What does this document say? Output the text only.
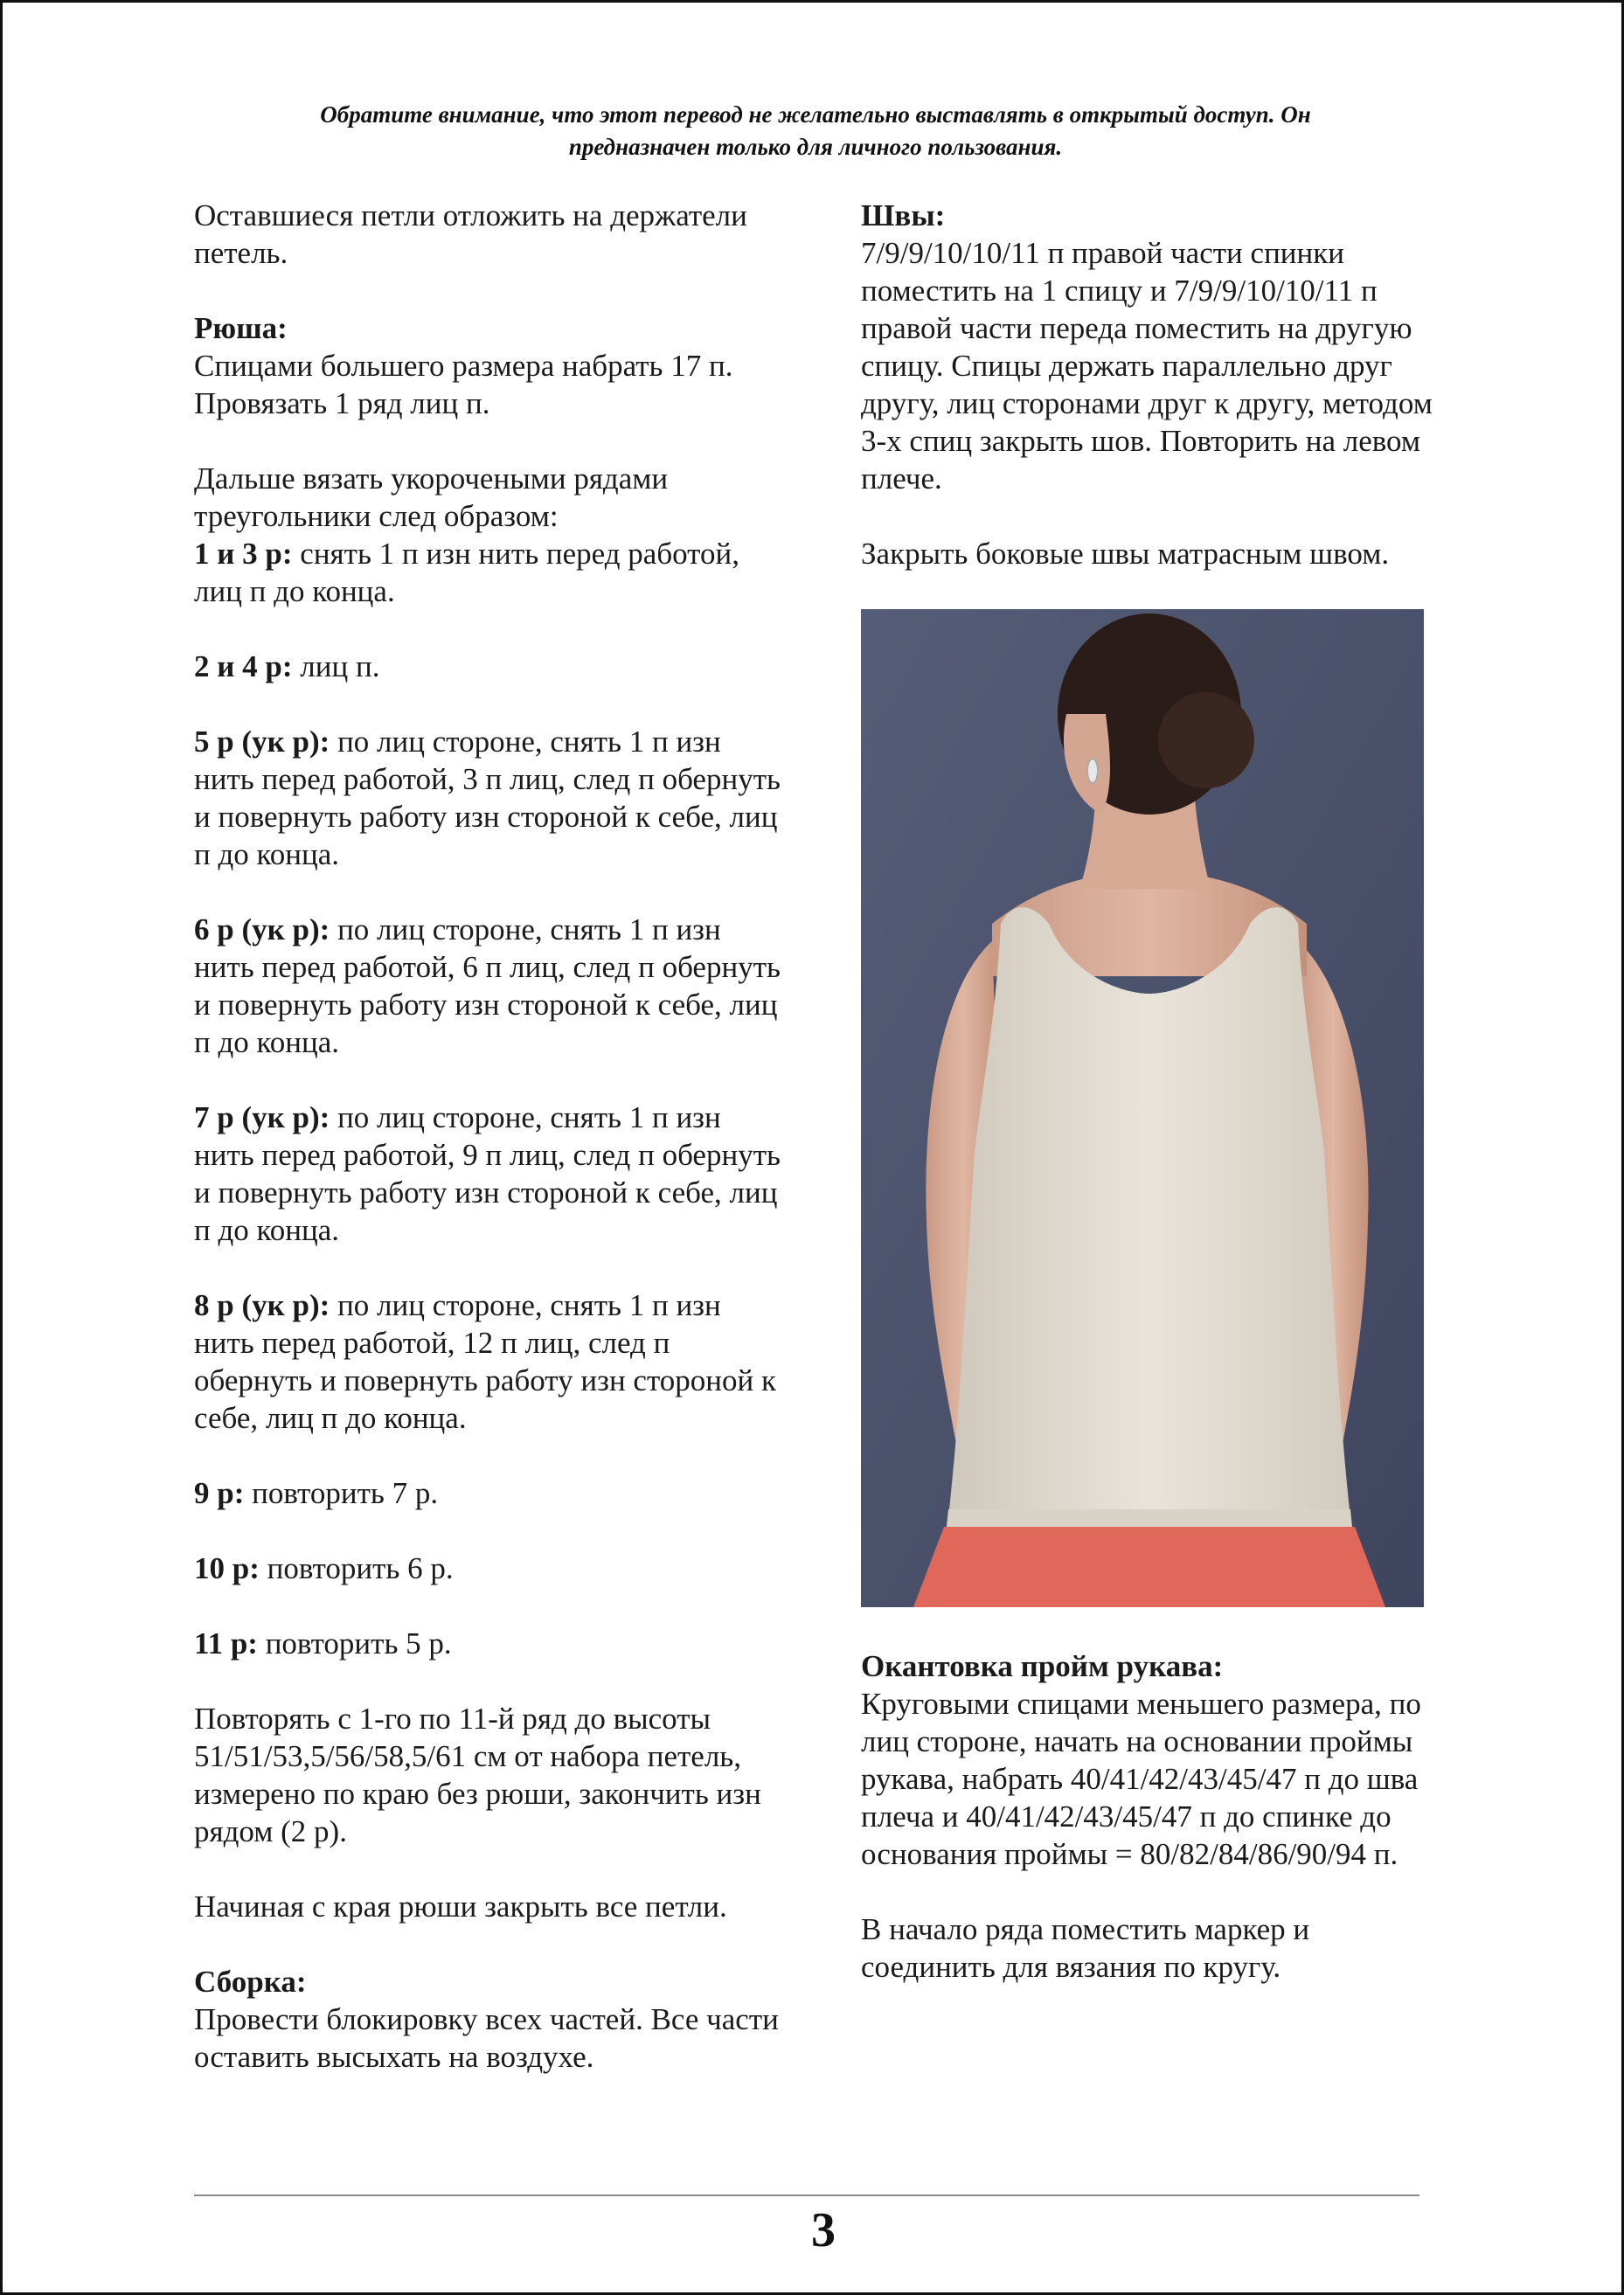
Обратите внимание, что этот перевод не желательно выставлять в открытый доступ. Он
предназначен только для личного пользования.

Оставшиеся петли отложить на держатели петель.

Рюша:
Спицами большего размера набрать 17 п. Провязать 1 ряд лиц п.

Дальше вязать укорочеными рядами треугольники след образом:

1 и 3 р: снять 1 п изн нить перед работой, лиц п до конца.

2 и 4 р: лиц п.

5 р (ук р): по лиц стороне, снять 1 п изн нить перед работой, 3 п лиц, след п обернуть и повернуть работу изн стороной к себе, лиц п до конца.

6 р (ук р): по лиц стороне, снять 1 п изн нить перед работой, 6 п лиц, след п обернуть и повернуть работу изн стороной к себе, лиц п до конца.

7 р (ук р): по лиц стороне, снять 1 п изн нить перед работой, 9 п лиц, след п обернуть и повернуть работу изн стороной к себе, лиц п до конца.

8 р (ук р): по лиц стороне, снять 1 п изн нить перед работой, 12 п лиц, след п обернуть и повернуть работу изн стороной к себе, лиц п до конца.

9 р: повторить 7 р.

10 р: повторить 6 р.

11 р: повторить 5 р.

Повторять с 1-го по 11-й ряд до высоты 51/51/53,5/56/58,5/61 см от набора петель, измерено по краю без рюши, закончить изн рядом (2 р).

Начиная с края рюши закрыть все петли.

Сборка:
Провести блокировку всех частей. Все части оставить высыхать на воздухе.

Швы:
7/9/9/10/10/11 п правой части спинки поместить на 1 спицу и 7/9/9/10/10/11 п правой части переда поместить на другую спицу. Спицы держать параллельно друг другу, лиц сторонами друг к другу, методом 3-х спиц закрыть шов. Повторить на левом плече.

Закрыть боковые швы матрасным швом.

Окантовка пройм рукава:
Круговыми спицами меньшего размера, по лиц стороне, начать на основании проймы рукава, набрать 40/41/42/43/45/47 п до шва плеча и 40/41/42/43/45/47 п до спинке до основания проймы = 80/82/84/86/90/94 п.

В начало ряда поместить маркер и соединить для вязания по кругу.

3
